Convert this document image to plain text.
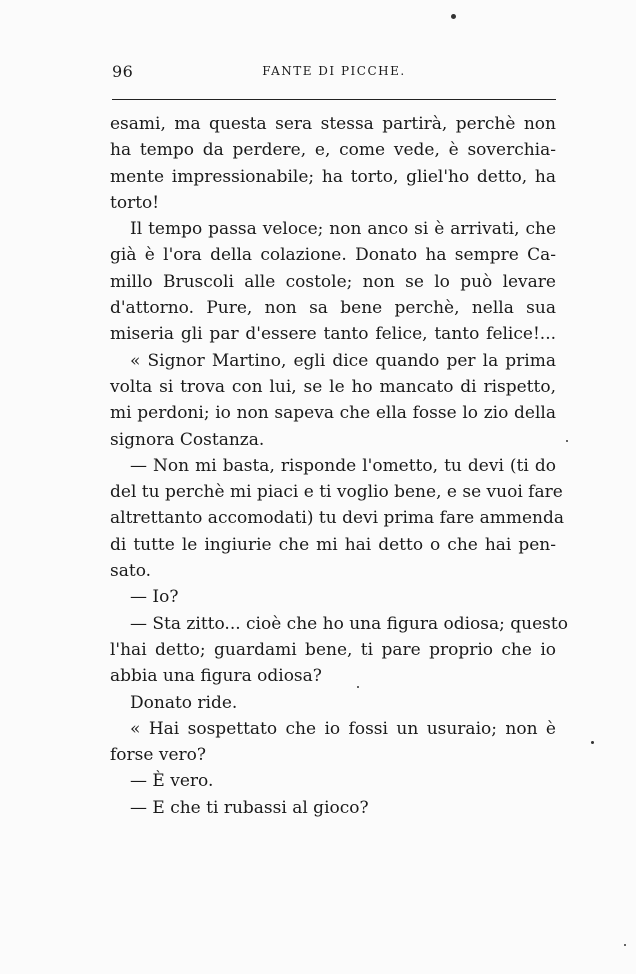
96	FANTE DI PICCHE.
esami, ma questa sera stessa partirà, perchè non
ha tempo da perdere, e, come vede, è soverchia-
mente impressionabile; ha torto, gliel'ho detto, ha
torto!
Il tempo passa veloce; non anco si è arrivati, che
già è l'ora della colazione. Donato ha sempre Ca-
millo Bruscoli alle costole; non se lo può levare
d'attorno. Pure, non sa bene perchè, nella sua
miseria gli par d'essere tanto felice, tanto felice!...
« Signor Martino, egli dice quando per la prima
volta si trova con lui, se le ho mancato di rispetto,
mi perdoni; io non sapeva che ella fosse lo zio della
signora Costanza.
— Non mi basta, risponde l'ometto, tu devi (ti do
del tu perchè mi piaci e ti voglio bene, e se vuoi fare
altrettanto accomodati) tu devi prima fare ammenda
di tutte le ingiurie che mi hai detto o che hai pen-
sato.
— Io?
— Sta zitto... cioè che ho una figura odiosa; questo
l'hai detto; guardami bene, ti pare proprio che io
abbia una figura odiosa?
Donato ride.
« Hai sospettato che io fossi un usuraio; non è
forse vero?
— È vero.
— E che ti rubassi al gioco?
